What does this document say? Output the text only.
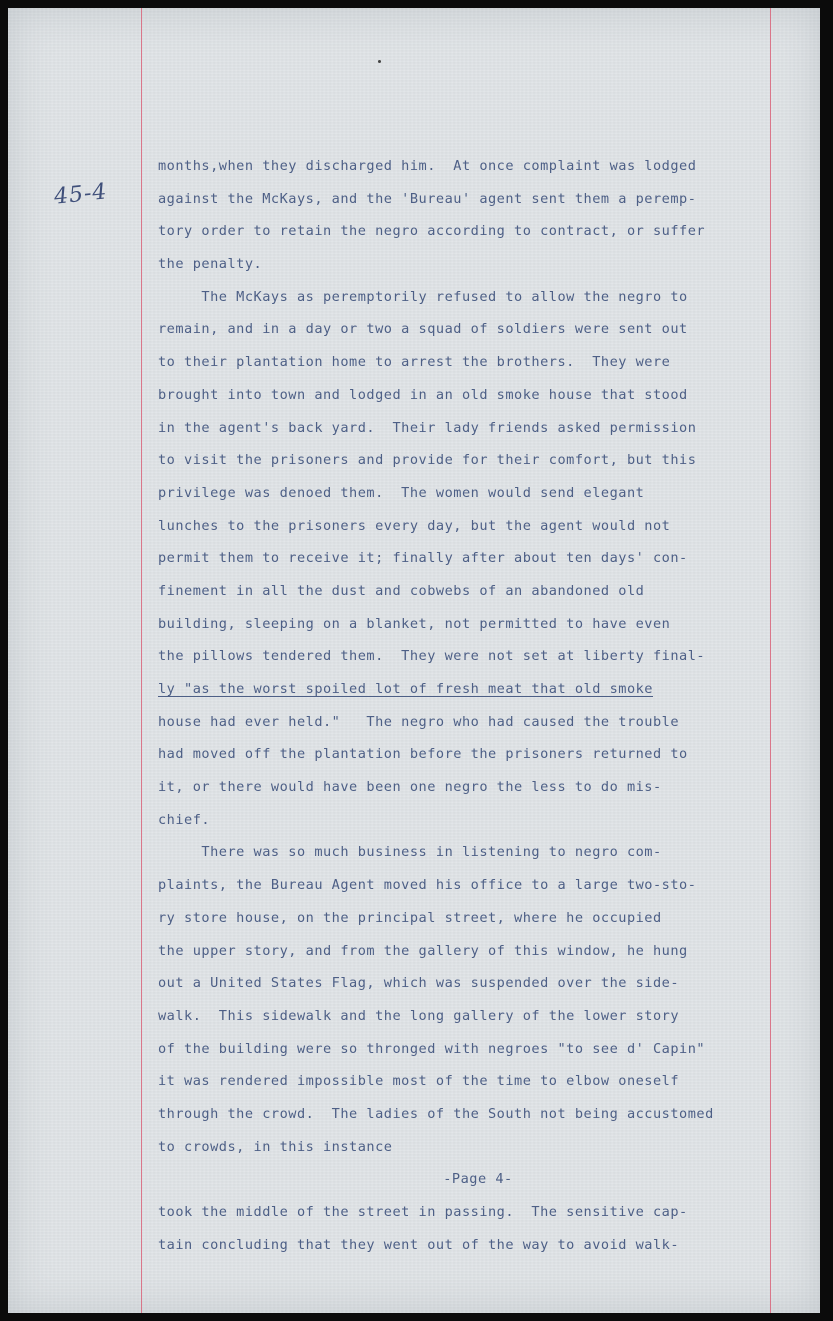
45-4
months,when they discharged him.  At once complaint was lodged
against the McKays, and the 'Bureau' agent sent them a peremp-
tory order to retain the negro according to contract, or suffer
the penalty.
The McKays as peremptorily refused to allow the negro to
remain, and in a day or two a squad of soldiers were sent out
to their plantation home to arrest the brothers.  They were
brought into town and lodged in an old smoke house that stood
in the agent's back yard.  Their lady friends asked permission
to visit the prisoners and provide for their comfort, but this
privilege was denoed them.  The women would send elegant
lunches to the prisoners every day, but the agent would not
permit them to receive it; finally after about ten days' con-
finement in all the dust and cobwebs of an abandoned old
building, sleeping on a blanket, not permitted to have even
the pillows tendered them.  They were not set at liberty final-
ly "as the worst spoiled lot of fresh meat that old smoke
house had ever held."   The negro who had caused the trouble
had moved off the plantation before the prisoners returned to
it, or there would have been one negro the less to do mis-
chief.
There was so much business in listening to negro com-
plaints, the Bureau Agent moved his office to a large two-sto-
ry store house, on the principal street, where he occupied
the upper story, and from the gallery of this window, he hung
out a United States Flag, which was suspended over the side-
walk.  This sidewalk and the long gallery of the lower story
of the building were so thronged with negroes "to see d' Capin"
it was rendered impossible most of the time to elbow oneself
through the crowd.  The ladies of the South not being accustomed
to crowds, in this instance
-Page 4-
took the middle of the street in passing.  The sensitive cap-
tain concluding that they went out of the way to avoid walk-
